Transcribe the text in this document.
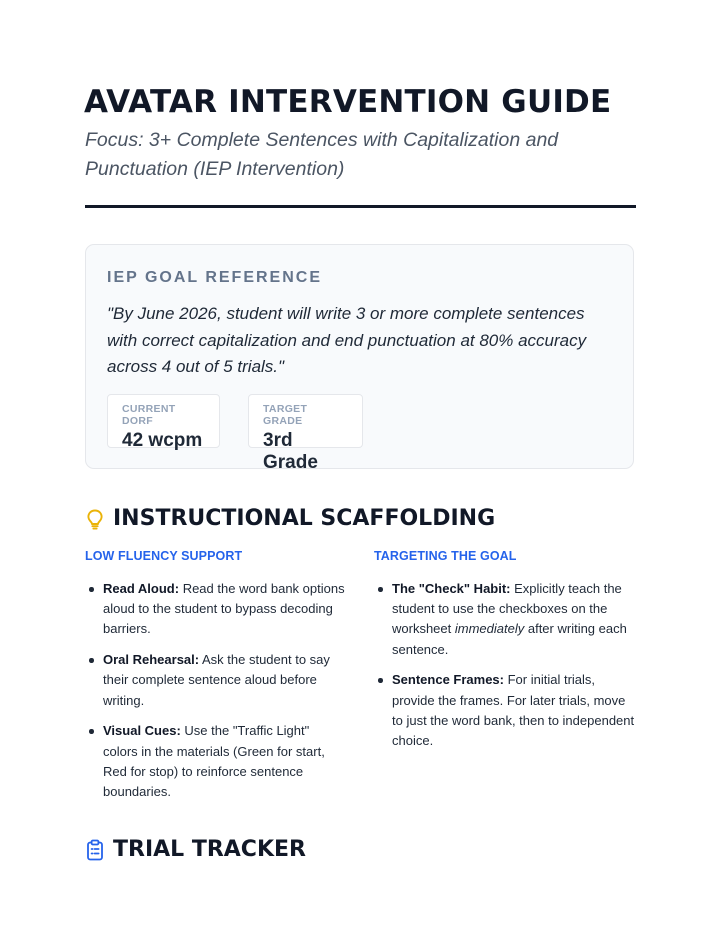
AVATAR INTERVENTION GUIDE

Focus: 3+ Complete Sentences with Capitalization and Punctuation (IEP Intervention)

IEP GOAL REFERENCE

"By June 2026, student will write 3 or more complete sentences with correct capitalization and end punctuation at 80% accuracy across 4 out of 5 trials."

CURRENT DORF
42 wcpm
TARGET GRADE
3rd Grade
INSTRUCTIONAL SCAFFOLDING

LOW FLUENCY SUPPORT

Read Aloud: Read the word bank options aloud to the student to bypass decoding barriers.
Oral Rehearsal: Ask the student to say their complete sentence aloud before writing.
Visual Cues: Use the "Traffic Light" colors in the materials (Green for start, Red for stop) to reinforce sentence boundaries.

TARGETING THE GOAL

The "Check" Habit: Explicitly teach the student to use the checkboxes on the worksheet immediately after writing each sentence.
Sentence Frames: For initial trials, provide the frames. For later trials, move to just the word bank, then to independent choice.
TRIAL TRACKER
